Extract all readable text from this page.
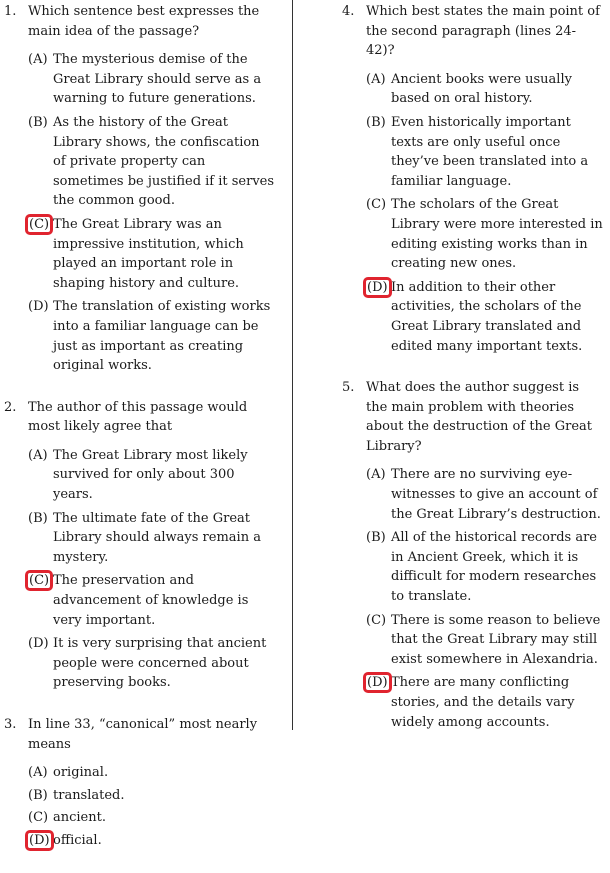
1. Which sentence best expresses the main idea of the passage?
(A) The mysterious demise of the Great Library should serve as a warning to future generations.
(B) As the history of the Great Library shows, the confiscation of private property can sometimes be justified if it serves the common good.
(C) The Great Library was an impressive institution, which played an important role in shaping history and culture.
(D) The translation of existing works into a familiar language can be just as important as creating original works.
2. The author of this passage would most likely agree that
(A) The Great Library most likely survived for only about 300 years.
(B) The ultimate fate of the Great Library should always remain a mystery.
(C) The preservation and advancement of knowledge is very important.
(D) It is very surprising that ancient people were concerned about preserving books.
3. In line 33, “canonical” most nearly means
(A) original.
(B) translated.
(C) ancient.
(D) official.
4. Which best states the main point of the second paragraph (lines 24-42)?
(A) Ancient books were usually based on oral history.
(B) Even historically important texts are only useful once they’ve been translated into a familiar language.
(C) The scholars of the Great Library were more interested in editing existing works than in creating new ones.
(D) In addition to their other activities, the scholars of the Great Library translated and edited many important texts.
5. What does the author suggest is the main problem with theories about the destruction of the Great Library?
(A) There are no surviving eye-witnesses to give an account of the Great Library’s destruction.
(B) All of the historical records are in Ancient Greek, which it is difficult for modern researches to translate.
(C) There is some reason to believe that the Great Library may still exist somewhere in Alexandria.
(D) There are many conflicting stories, and the details vary widely among accounts.
